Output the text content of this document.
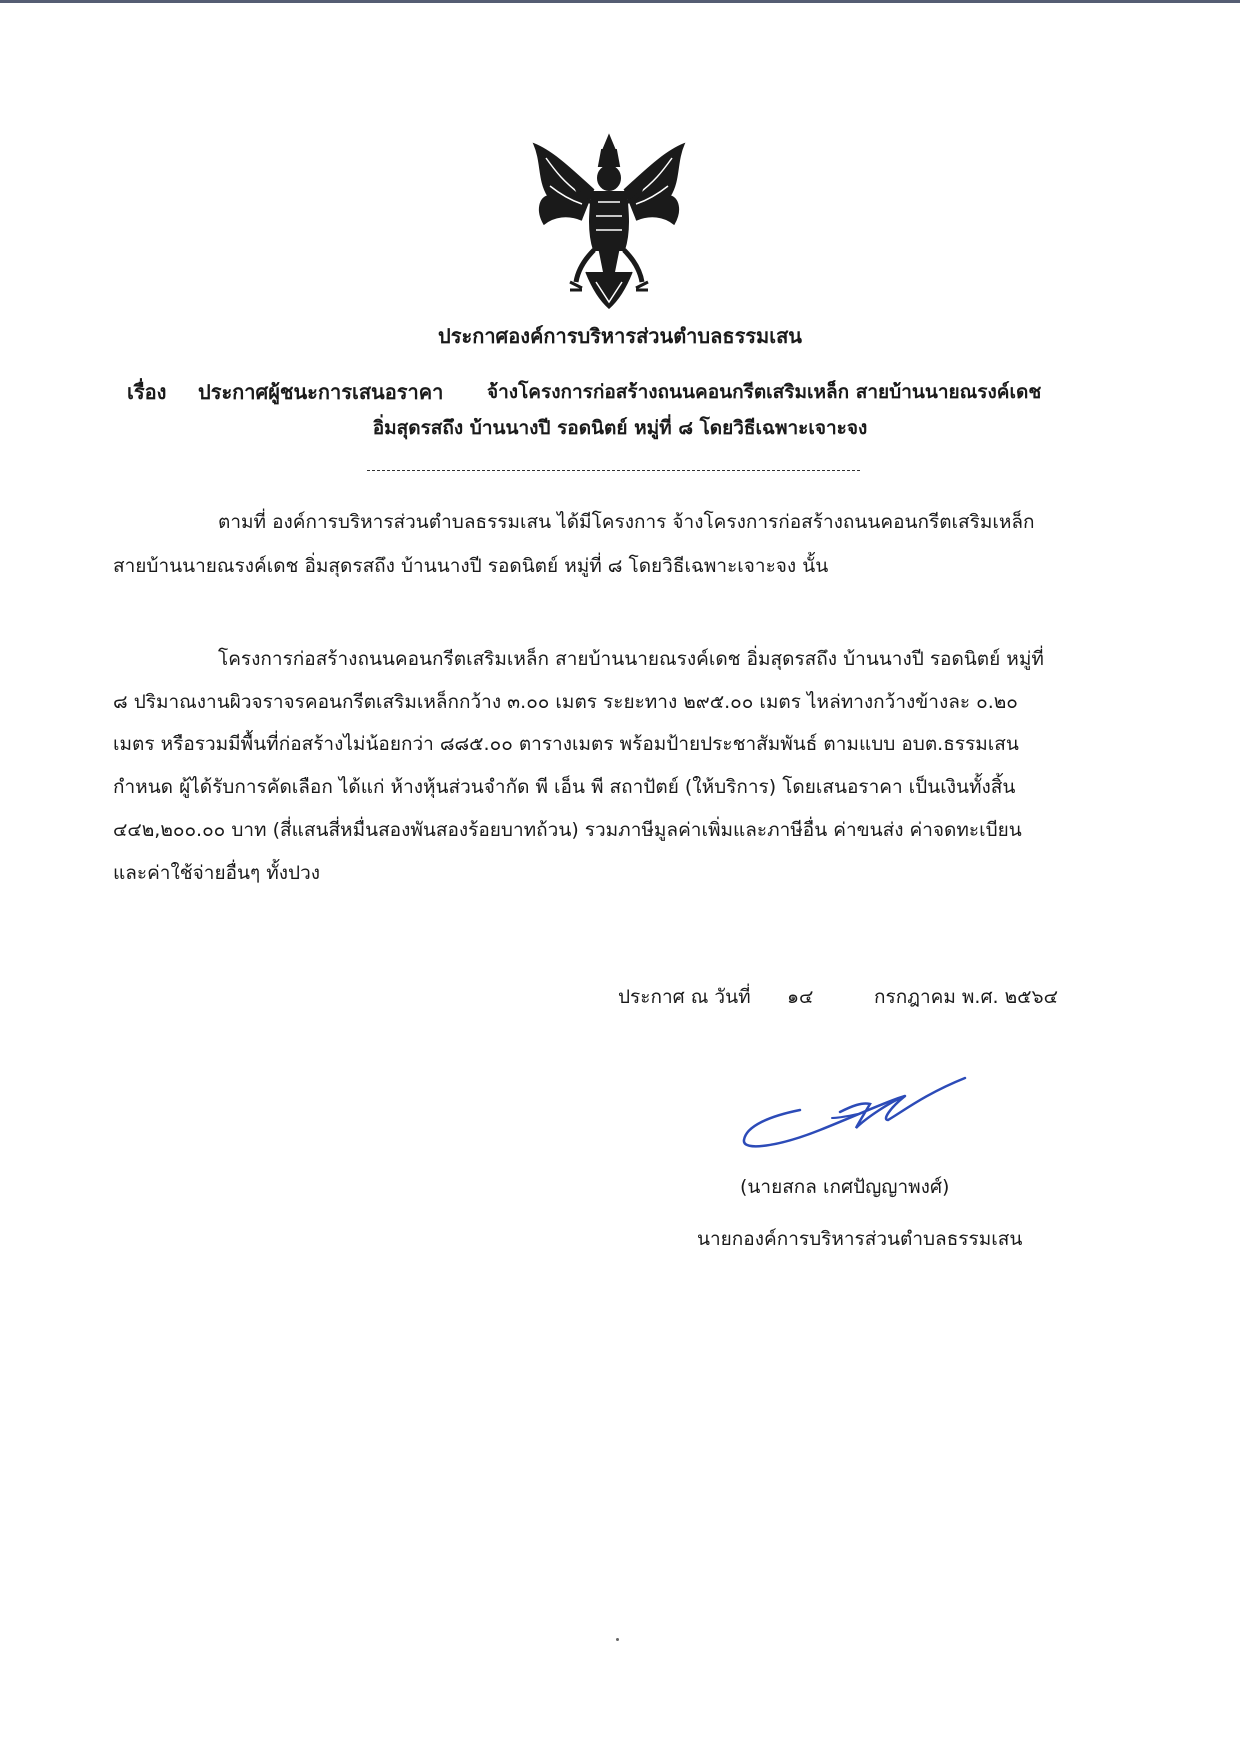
ประกาศองค์การบริหารส่วนตำบลธรรมเสน
เรื่อง ประกาศผู้ชนะการเสนอราคา จ้างโครงการก่อสร้างถนนคอนกรีตเสริมเหล็ก สายบ้านนายณรงค์เดช
อิ่มสุดรสถึง บ้านนางปี รอดนิตย์ หมู่ที่ ๘ โดยวิธีเฉพาะเจาะจง
ตามที่ องค์การบริหารส่วนตำบลธรรมเสน ได้มีโครงการ จ้างโครงการก่อสร้างถนนคอนกรีตเสริมเหล็ก
สายบ้านนายณรงค์เดช อิ่มสุดรสถึง บ้านนางปี รอดนิตย์ หมู่ที่ ๘ โดยวิธีเฉพาะเจาะจง นั้น
โครงการก่อสร้างถนนคอนกรีตเสริมเหล็ก สายบ้านนายณรงค์เดช อิ่มสุดรสถึง บ้านนางปี รอดนิตย์ หมู่ที่
๘ ปริมาณงานผิวจราจรคอนกรีตเสริมเหล็กกว้าง ๓.๐๐ เมตร ระยะทาง ๒๙๕.๐๐ เมตร ไหล่ทางกว้างข้างละ ๐.๒๐
เมตร หรือรวมมีพื้นที่ก่อสร้างไม่น้อยกว่า ๘๘๕.๐๐ ตารางเมตร พร้อมป้ายประชาสัมพันธ์ ตามแบบ อบต.ธรรมเสน
กำหนด ผู้ได้รับการคัดเลือก ได้แก่ ห้างหุ้นส่วนจำกัด พี เอ็น พี สถาปัตย์ (ให้บริการ) โดยเสนอราคา เป็นเงินทั้งสิ้น
๔๔๒,๒๐๐.๐๐ บาท (สี่แสนสี่หมื่นสองพันสองร้อยบาทถ้วน) รวมภาษีมูลค่าเพิ่มและภาษีอื่น ค่าขนส่ง ค่าจดทะเบียน
และค่าใช้จ่ายอื่นๆ ทั้งปวง
ประกาศ ณ วันที่ ๑๔	กรกฎาคม พ.ศ. ๒๕๖๔
(นายสกล เกศปัญญาพงศ์)
นายกองค์การบริหารส่วนตำบลธรรมเสน
